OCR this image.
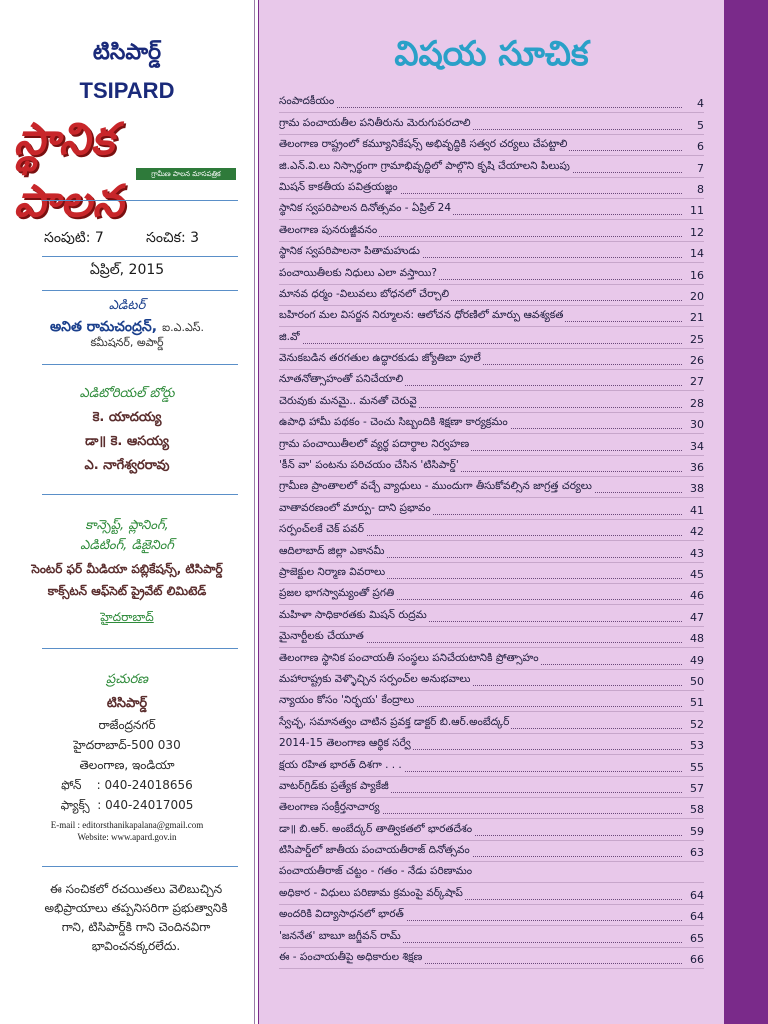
టిసిపార్డ్
TSIPARD
స్థానిక పాలన
గ్రామీణ పాలన మాసపత్రిక
సంపుటి: 7	సంచిక: 3
ఏప్రిల్, 2015
ఎడిటర్
అనిత రామచంద్రన్, ఐ.ఎ.ఎస్.
కమీషనర్, అపార్డ్
ఎడిటోరియల్ బోర్డు
కె. యాదయ్య
డా॥ కె. ఆసయ్య
ఎ. నాగేశ్వరరావు
కాన్సెప్ట్, ప్లానింగ్,
ఎడిటింగ్, డిజైనింగ్
సెంటర్ ఫర్ మీడియా పబ్లికేషన్స్, టిసిపార్డ్
కాక్స్‌టన్ ఆఫ్‌సెట్ ప్రైవేట్ లిమిటెడ్
హైదరాబాద్
ప్రచురణ
టిసిపార్డ్
రాజేంద్రనగర్
హైదరాబాద్-500 030
తెలంగాణ, ఇండియా
ఫోన్    : 040-24018656
ఫ్యాక్స్  : 040-24017005
E-mail : editorsthanikapalana@gmail.com
Website: www.apard.gov.in
ఈ సంచికలో రచయితలు వెలిబుచ్చిన అభిప్రాయాలు తప్పనిసరిగా ప్రభుత్వానికి గాని, టిసిపార్డ్‌కి గాని చెందినవిగా భావించనక్కరలేదు.
విషయ సూచిక
సంపాదకీయం	4
గ్రామ పంచాయతీల పనితీరును మెరుగుపరచాలి	5
తెలంగాణ రాష్ట్రంలో కమ్యూనికేషన్స్ అభివృద్ధికి సత్వర చర్యలు చేపట్టాలి	6
జి.ఎన్.వి.లు నిస్సార్థంగా గ్రామాభివృద్ధిలో పాల్గొని కృషి చేయాలని పిలుపు	7
మిషన్ కాకతీయ పవిత్రయజ్ఞం	8
స్థానిక స్వపరిపాలన దినోత్సవం - ఏప్రిల్ 24	11
తెలంగాణ పునరుజ్జీవనం	12
స్థానిక స్వపరిపాలనా పితామహుడు	14
పంచాయితీలకు నిధులు ఎలా వస్తాయి?	16
మానవ ధర్మం -విలువలు బోధనలో చేర్చాలి	20
బహిరంగ మల విసర్జన నిర్మూలన: ఆలోచన ధోరణిలో మార్పు ఆవశ్యకత	21
జి.వో	25
వెనుకబడిన తరగతుల ఉద్ధారకుడు జ్యోతిబా పూలే	26
నూతనోత్సాహంతో పనిచేయాలి	27
చెరువుకు మనమై.. మనతో చెరువై	28
ఉపాధి హామీ పథకం - చెంచు సిబ్బందికి శిక్షణా కార్యక్రమం	30
గ్రామ పంచాయితీలలో వ్యర్థ పదార్థాల నిర్వహణ	34
'కీన్ వా' పంటను పరిచయం చేసిన 'టిసిపార్డ్'	36
గ్రామీణ ప్రాంతాలలో వచ్చే వ్యాధులు - ముందుగా తీసుకోవల్సిన జాగ్రత్త చర్యలు	38
వాతావరణంలో మార్పు- దాని ప్రభావం	41
సర్పంచ్‌లకే చెక్ పవర్	42
ఆదిలాబాద్ జిల్లా ఎకానమీ	43
ప్రాజెక్టుల నిర్మాణ వివరాలు	45
ప్రజల భాగస్వామ్యంతో ప్రగతి	46
మహిళా సాధికారతకు మిషన్ రుద్రమ	47
మైనార్టీలకు చేయూత	48
తెలంగాణ స్థానిక పంచాయతీ సంస్థలు పనిచేయటానికి ప్రోత్సాహం	49
మహారాష్ట్రకు వెళ్ళొచ్చిన సర్పంచ్‌ల అనుభవాలు	50
న్యాయం కోసం 'నిర్భయ' కేంద్రాలు	51
స్వేచ్ఛ, సమానత్వం చాటిన ప్రవక్త డాక్టర్ బి.ఆర్.అంబేద్కర్	52
2014-15 తెలంగాణ ఆర్థిక సర్వే	53
క్షయ రహిత భారత్ దిశగా . . .	55
వాటర్‌గ్రిడ్‌కు ప్రత్యేక ప్యాకేజీ	57
తెలంగాణ సంక్రీర్తనాచార్య	58
డా॥ బి.ఆర్. అంబేద్కర్ తాత్వికతలో భారతదేశం	59
టిసిపార్డ్‌లో జాతీయ పంచాయతీరాజ్ దినోత్సవం	63
పంచాయతీరాజ్ చట్టం - గతం - నేడు పరిణామం
అధికార - విధులు పరిణామ క్రమంపై వర్క్‌షాప్	64
అందరికి విద్యాసాధనలో భారత్	64
'జననేత' బాబూ జగ్జీవన్ రామ్	65
ఈ - పంచాయతీపై అధికారుల శిక్షణ	66
